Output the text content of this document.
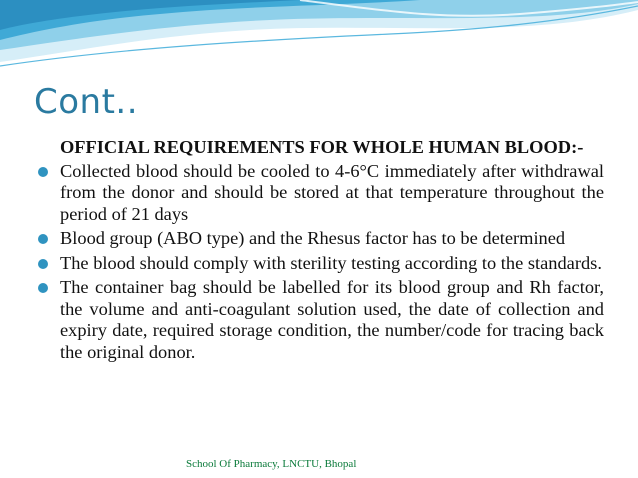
Cont..

OFFICIAL REQUIREMENTS FOR WHOLE HUMAN BLOOD:-

Collected blood should be cooled to 4-6°C immediately after withdrawal from the donor and should be stored at that temperature throughout the period of 21 days
Blood group (ABO type) and the Rhesus factor has to be determined
The blood should comply with sterility testing according to the standards.
The container bag should be labelled for its blood group and Rh factor, the volume and anti-coagulant solution used, the date of collection and expiry date, required storage condition, the number/code for tracing back the original donor.
School Of Pharmacy, LNCTU, Bhopal
